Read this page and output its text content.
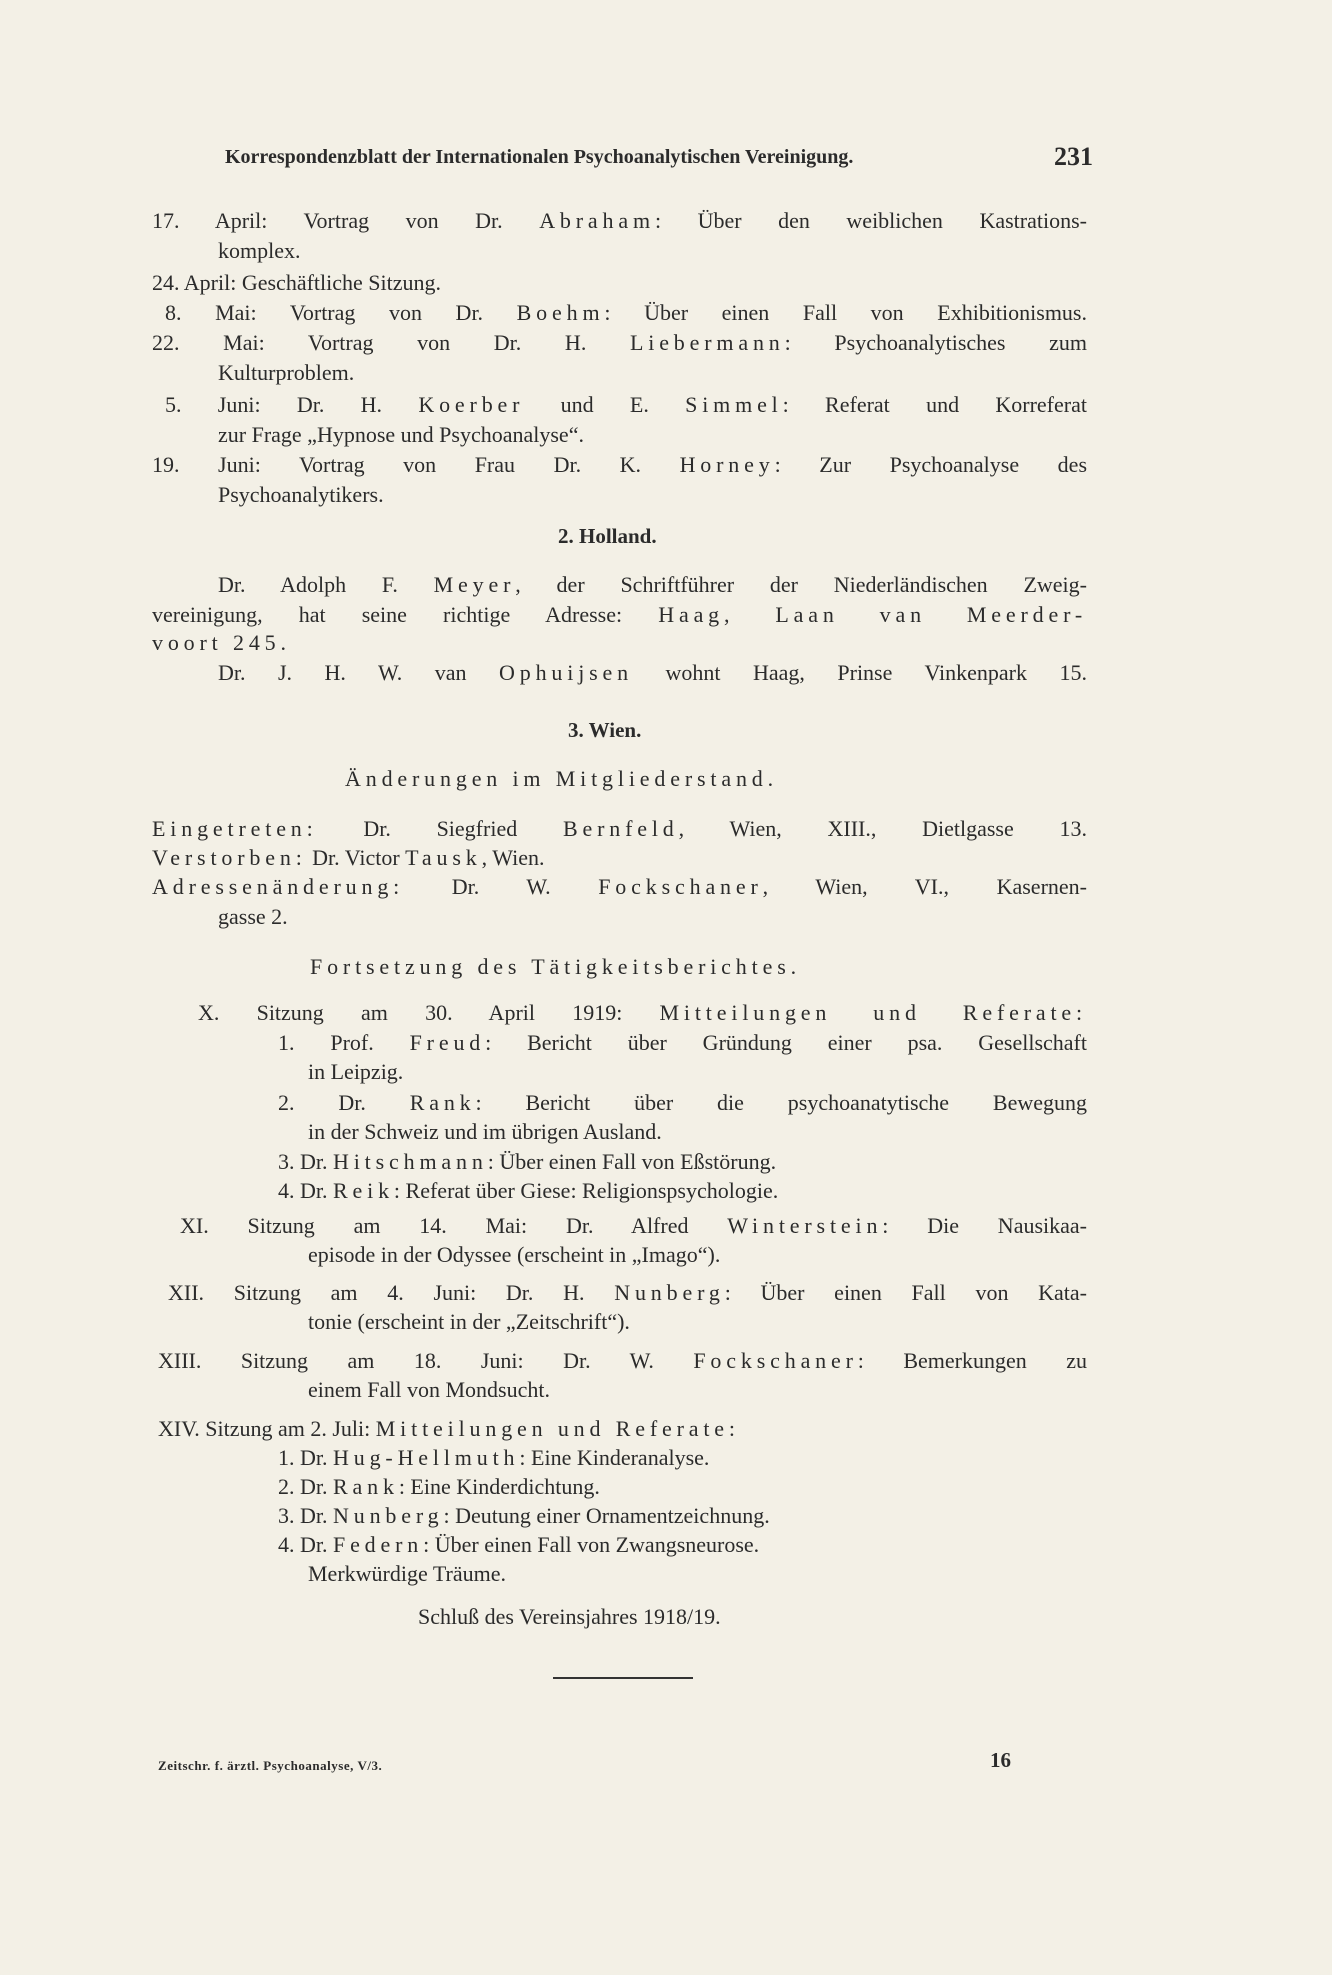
Korrespondenzblatt der Internationalen Psychoanalytischen Vereinigung.	231
17. April: Vortrag von Dr. Abraham: Über den weiblichen Kastrations-
komplex.
24. April: Geschäftliche Sitzung.
8. Mai: Vortrag von Dr. Boehm: Über einen Fall von Exhibitionismus.
22. Mai: Vortrag von Dr. H. Liebermann: Psychoanalytisches zum
Kulturproblem.
5. Juni: Dr. H. Koerber und E. Simmel: Referat und Korreferat
zur Frage „Hypnose und Psychoanalyse“.
19. Juni: Vortrag von Frau Dr. K. Horney: Zur Psychoanalyse des
Psychoanalytikers.
2. Holland.
Dr. Adolph F. Meyer, der Schriftführer der Niederländischen Zweig-
vereinigung, hat seine richtige Adresse: Haag, Laan van Meerder-
voort 245.
Dr. J. H. W. van Ophuijsen wohnt Haag, Prinse Vinkenpark 15.
3. Wien.
Änderungen im Mitgliederstand.
Eingetreten: Dr. Siegfried Bernfeld, Wien, XIII., Dietlgasse 13.
Verstorben: Dr. Victor Tausk, Wien.
Adressenänderung: Dr. W. Fockschaner, Wien, VI., Kasernen-
gasse 2.
Fortsetzung des Tätigkeitsberichtes.
X. Sitzung am 30. April 1919: Mitteilungen und Referate:
1. Prof. Freud: Bericht über Gründung einer psa. Gesellschaft
in Leipzig.
2. Dr. Rank: Bericht über die psychoanatytische Bewegung
in der Schweiz und im übrigen Ausland.
3. Dr. Hitschmann: Über einen Fall von Eßstörung.
4. Dr. Reik: Referat über Giese: Religionspsychologie.
XI. Sitzung am 14. Mai: Dr. Alfred Winterstein: Die Nausikaa-
episode in der Odyssee (erscheint in „Imago“).
XII. Sitzung am 4. Juni: Dr. H. Nunberg: Über einen Fall von Kata-
tonie (erscheint in der „Zeitschrift“).
XIII. Sitzung am 18. Juni: Dr. W. Fockschaner: Bemerkungen zu
einem Fall von Mondsucht.
XIV. Sitzung am 2. Juli: Mitteilungen und Referate:
1. Dr. Hug-Hellmuth: Eine Kinderanalyse.
2. Dr. Rank: Eine Kinderdichtung.
3. Dr. Nunberg: Deutung einer Ornamentzeichnung.
4. Dr. Federn: Über einen Fall von Zwangsneurose.
Merkwürdige Träume.
Schluß des Vereinsjahres 1918/19.
Zeitschr. f. ärztl. Psychoanalyse, V/3.	16
